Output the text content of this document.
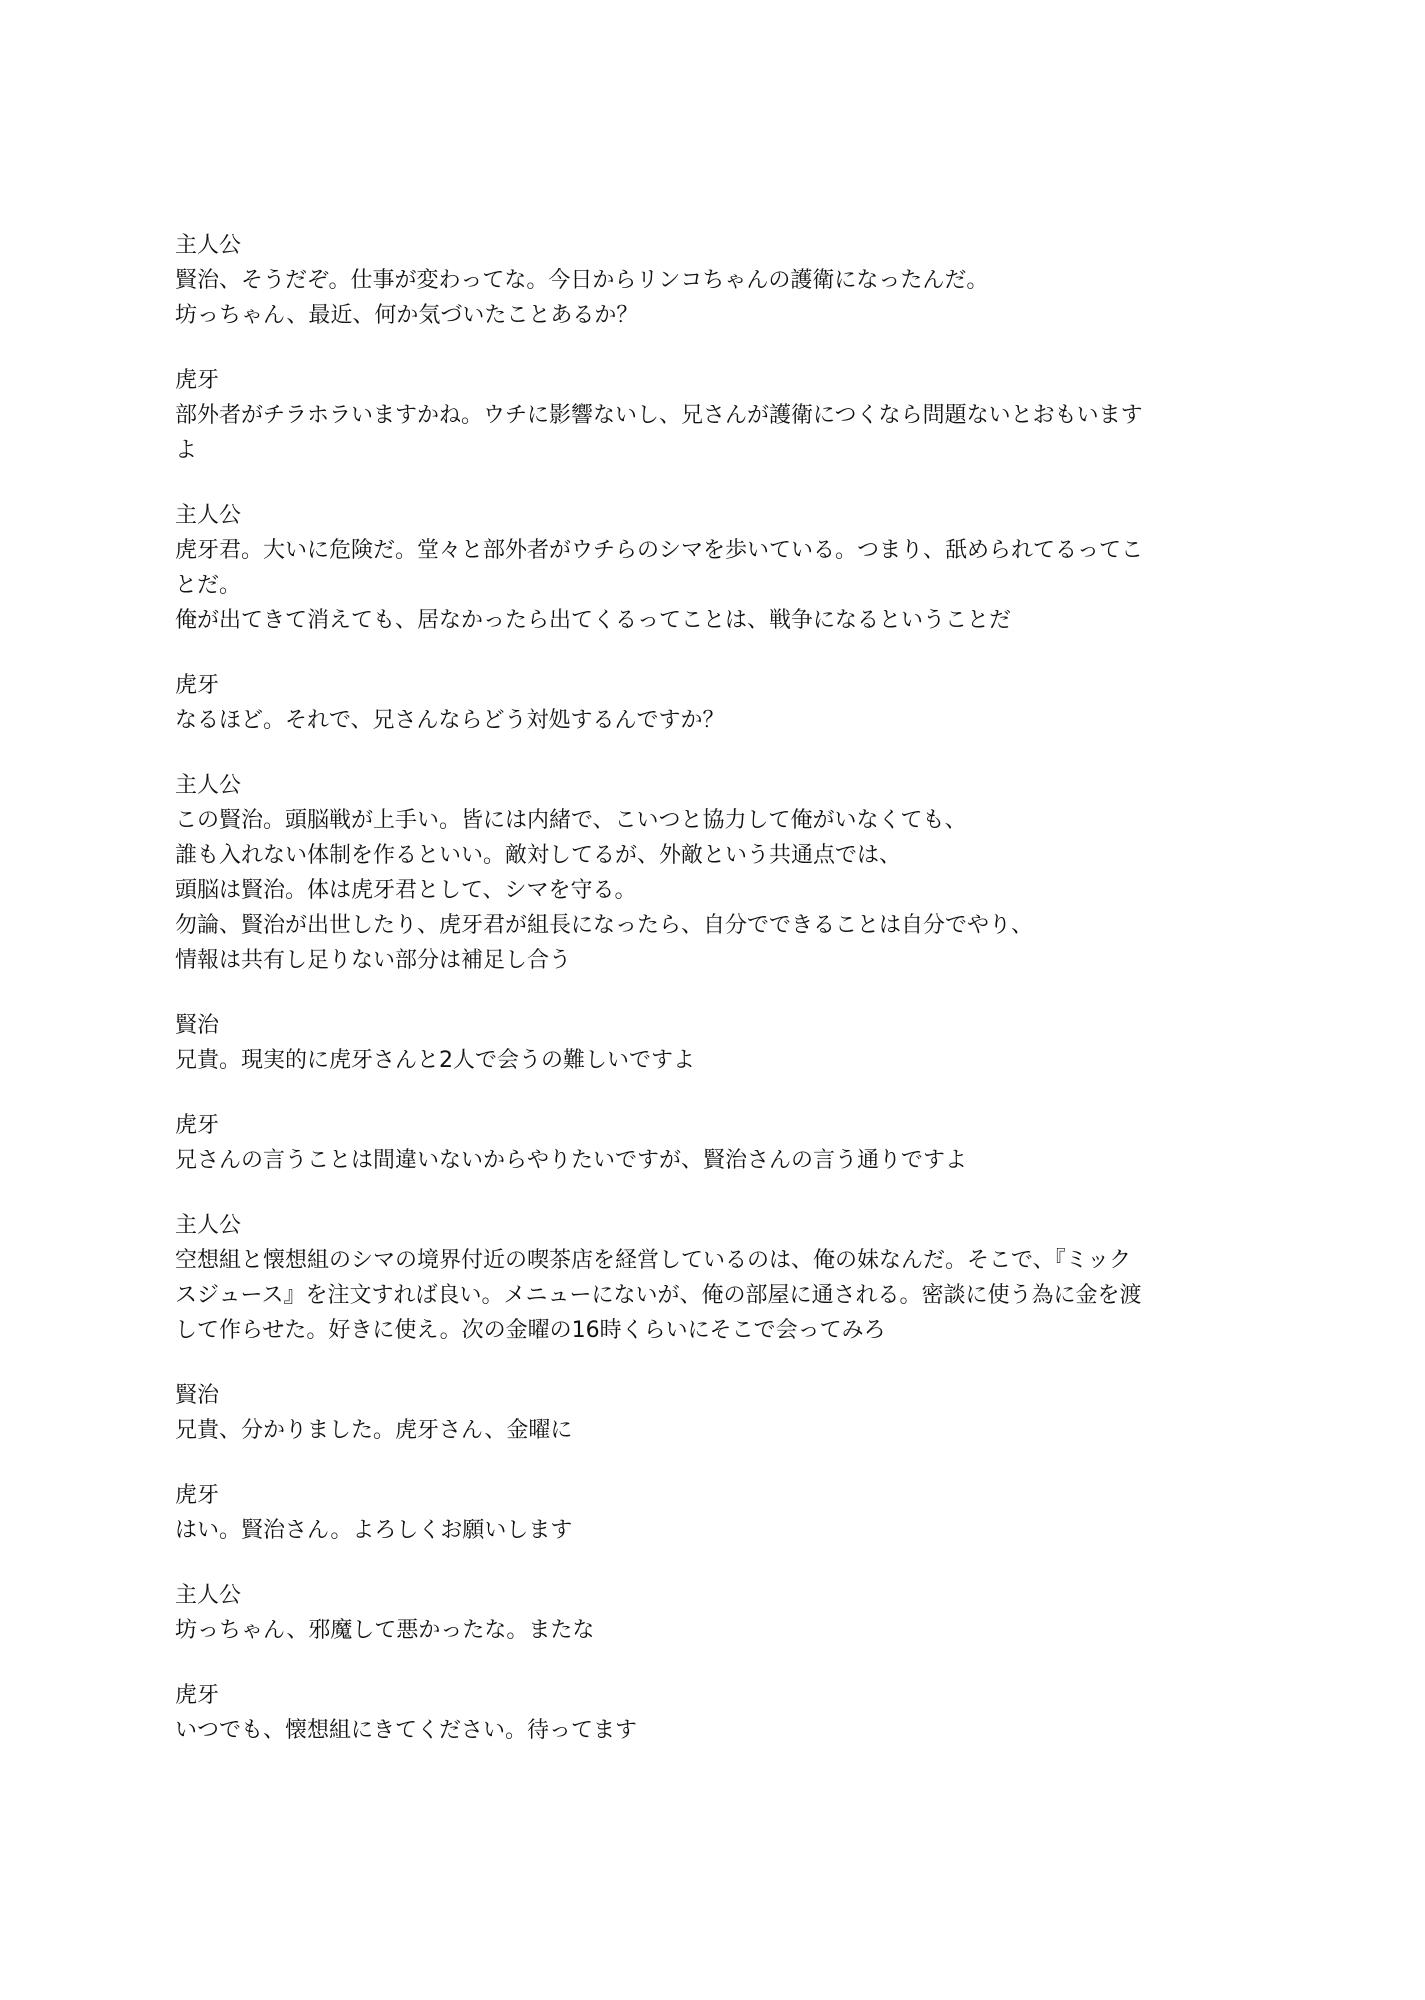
主人公
賢治、そうだぞ。仕事が変わってな。今日からリンコちゃんの護衛になったんだ。
坊っちゃん、最近、何か気づいたことあるか？
虎牙
部外者がチラホラいますかね。ウチに影響ないし、兄さんが護衛につくなら問題ないとおもいます
よ
主人公
虎牙君。大いに危険だ。堂々と部外者がウチらのシマを歩いている。つまり、舐められてるってこ
とだ。
俺が出てきて消えても、居なかったら出てくるってことは、戦争になるということだ
虎牙
なるほど。それで、兄さんならどう対処するんですか？
主人公
この賢治。頭脳戦が上手い。皆には内緒で、こいつと協力して俺がいなくても、
誰も入れない体制を作るといい。敵対してるが、外敵という共通点では、
頭脳は賢治。体は虎牙君として、シマを守る。
勿論、賢治が出世したり、虎牙君が組長になったら、自分でできることは自分でやり、
情報は共有し足りない部分は補足し合う
賢治
兄貴。現実的に虎牙さんと2人で会うの難しいですよ
虎牙
兄さんの言うことは間違いないからやりたいですが、賢治さんの言う通りですよ
主人公
空想組と懐想組のシマの境界付近の喫茶店を経営しているのは、俺の妹なんだ。そこで、『ミック
スジュース』を注文すれば良い。メニューにないが、俺の部屋に通される。密談に使う為に金を渡
して作らせた。好きに使え。次の金曜の16時くらいにそこで会ってみろ
賢治
兄貴、分かりました。虎牙さん、金曜に
虎牙
はい。賢治さん。よろしくお願いします
主人公
坊っちゃん、邪魔して悪かったな。またな
虎牙
いつでも、懐想組にきてください。待ってます
